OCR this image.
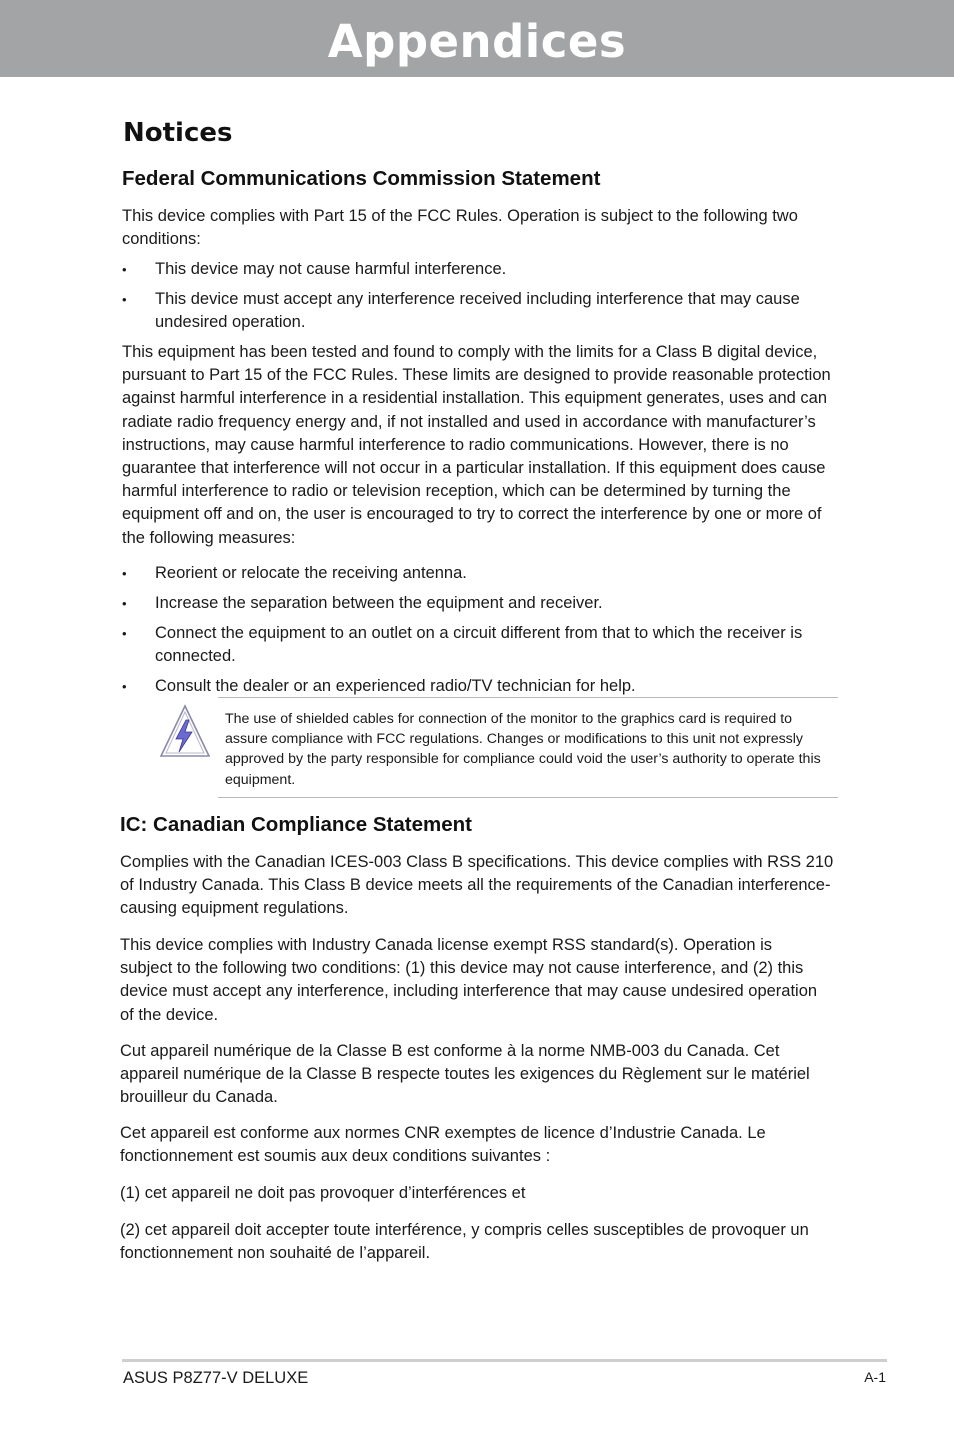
Appendices
Notices
Federal Communications Commission Statement

This device complies with Part 15 of the FCC Rules. Operation is subject to the following two conditions:

•	This device may not cause harmful interference.
•	This device must accept any interference received including interference that may cause undesired operation.

This equipment has been tested and found to comply with the limits for a Class B digital device, pursuant to Part 15 of the FCC Rules. These limits are designed to provide reasonable protection against harmful interference in a residential installation. This equipment generates, uses and can radiate radio frequency energy and, if not installed and used in accordance with manufacturer’s instructions, may cause harmful interference to radio communications. However, there is no guarantee that interference will not occur in a particular installation. If this equipment does cause harmful interference to radio or television reception, which can be determined by turning the equipment off and on, the user is encouraged to try to correct the interference by one or more of the following measures:

•	Reorient or relocate the receiving antenna.
•	Increase the separation between the equipment and receiver.
•	Connect the equipment to an outlet on a circuit different from that to which the receiver is connected.
•	Consult the dealer or an experienced radio/TV technician for help.
The use of shielded cables for connection of the monitor to the graphics card is required to assure compliance with FCC regulations. Changes or modifications to this unit not expressly approved by the party responsible for compliance could void the user’s authority to operate this equipment.
IC: Canadian Compliance Statement

Complies with the Canadian ICES-003 Class B specifications. This device complies with RSS 210 of Industry Canada. This Class B device meets all the requirements of the Canadian interference-causing equipment regulations.

This device complies with Industry Canada license exempt RSS standard(s). Operation is subject to the following two conditions: (1) this device may not cause interference, and (2) this device must accept any interference, including interference that may cause undesired operation of the device.

Cut appareil numérique de la Classe B est conforme à la norme NMB-003 du Canada. Cet appareil numérique de la Classe B respecte toutes les exigences du Règlement sur le matériel brouilleur du Canada.

Cet appareil est conforme aux normes CNR exemptes de licence d’Industrie Canada. Le fonctionnement est soumis aux deux conditions suivantes :

(1) cet appareil ne doit pas provoquer d’interférences et

(2) cet appareil doit accepter toute interférence, y compris celles susceptibles de provoquer un fonctionnement non souhaité de l’appareil.

ASUS P8Z77-V DELUXE	A-1
